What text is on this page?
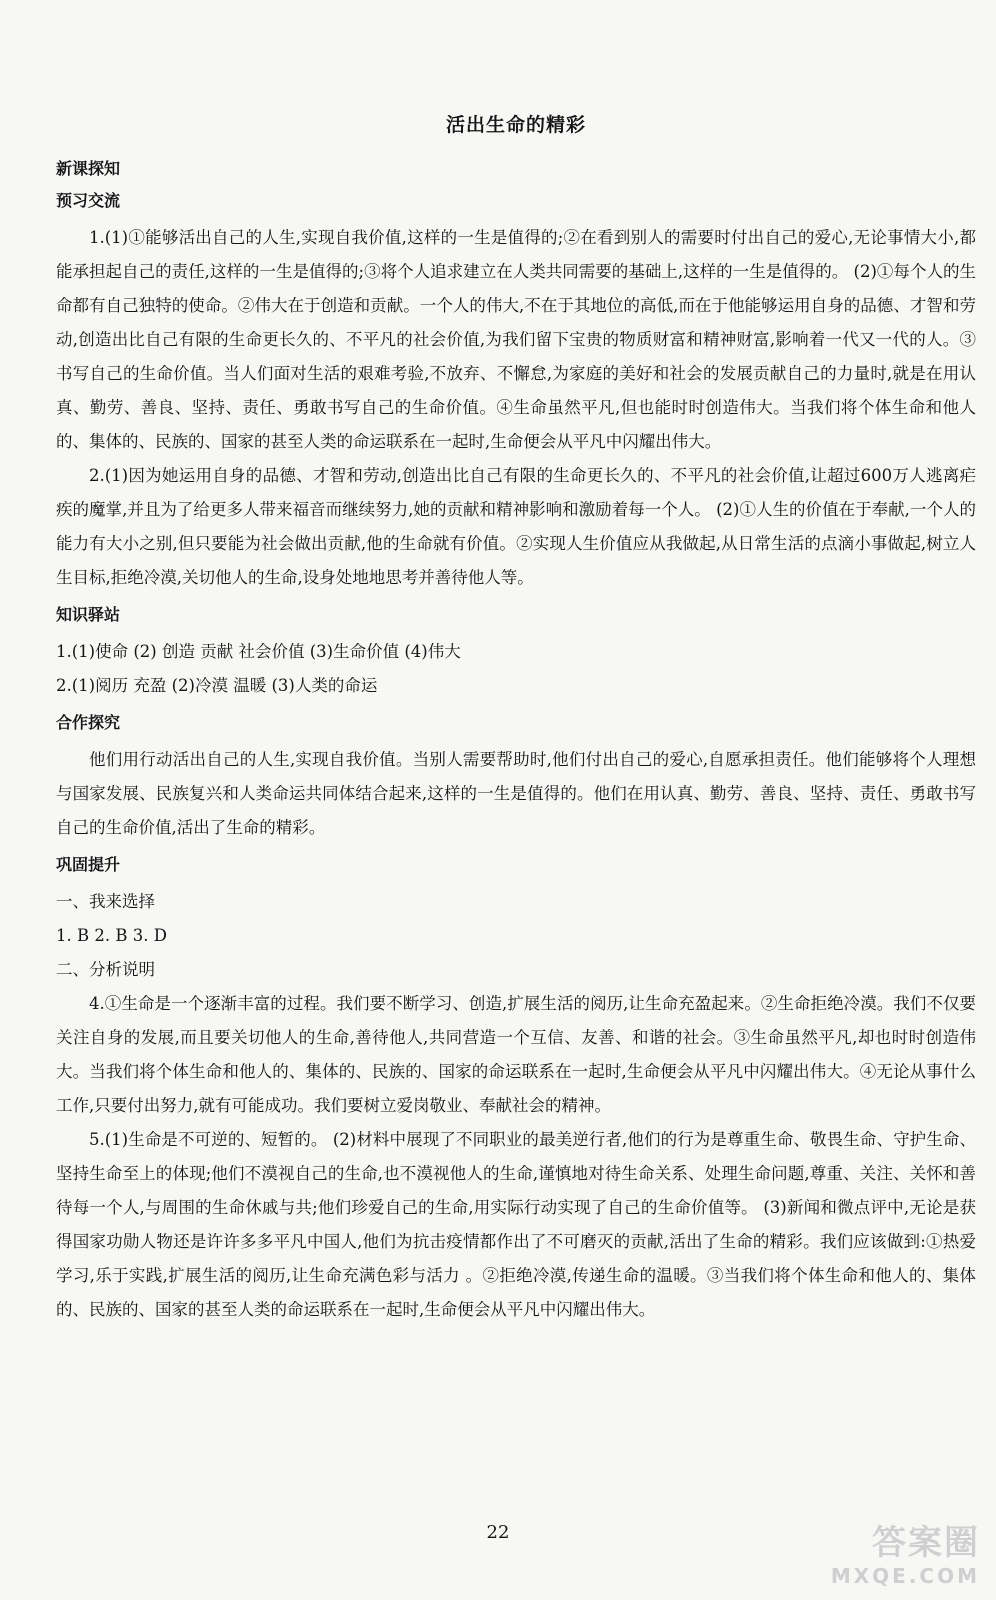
活出生命的精彩
新课探知
预习交流

1.(1)①能够活出自己的人生,实现自我价值,这样的一生是值得的;②在看到别人的需要时付出自己的爱心,无论事情大小,都能承担起自己的责任,这样的一生是值得的;③将个人追求建立在人类共同需要的基础上,这样的一生是值得的。 (2)①每个人的生命都有自己独特的使命。②伟大在于创造和贡献。一个人的伟大,不在于其地位的高低,而在于他能够运用自身的品德、才智和劳动,创造出比自己有限的生命更长久的、不平凡的社会价值,为我们留下宝贵的物质财富和精神财富,影响着一代又一代的人。③书写自己的生命价值。当人们面对生活的艰难考验,不放弃、不懈怠,为家庭的美好和社会的发展贡献自己的力量时,就是在用认真、勤劳、善良、坚持、责任、勇敢书写自己的生命价值。④生命虽然平凡,但也能时时创造伟大。当我们将个体生命和他人的、集体的、民族的、国家的甚至人类的命运联系在一起时,生命便会从平凡中闪耀出伟大。

2.(1)因为她运用自身的品德、才智和劳动,创造出比自己有限的生命更长久的、不平凡的社会价值,让超过600万人逃离疟疾的魔掌,并且为了给更多人带来福音而继续努力,她的贡献和精神影响和激励着每一个人。 (2)①人生的价值在于奉献,一个人的能力有大小之别,但只要能为社会做出贡献,他的生命就有价值。②实现人生价值应从我做起,从日常生活的点滴小事做起,树立人生目标,拒绝冷漠,关切他人的生命,设身处地地思考并善待他人等。

知识驿站

1.(1)使命 (2) 创造 贡献 社会价值 (3)生命价值 (4)伟大

2.(1)阅历 充盈 (2)冷漠 温暖 (3)人类的命运

合作探究

他们用行动活出自己的人生,实现自我价值。当别人需要帮助时,他们付出自己的爱心,自愿承担责任。他们能够将个人理想与国家发展、民族复兴和人类命运共同体结合起来,这样的一生是值得的。他们在用认真、勤劳、善良、坚持、责任、勇敢书写自己的生命价值,活出了生命的精彩。

巩固提升

一、我来选择

1. B 2. B 3. D

二、分析说明

4.①生命是一个逐渐丰富的过程。我们要不断学习、创造,扩展生活的阅历,让生命充盈起来。②生命拒绝冷漠。我们不仅要关注自身的发展,而且要关切他人的生命,善待他人,共同营造一个互信、友善、和谐的社会。③生命虽然平凡,却也时时创造伟大。当我们将个体生命和他人的、集体的、民族的、国家的命运联系在一起时,生命便会从平凡中闪耀出伟大。④无论从事什么工作,只要付出努力,就有可能成功。我们要树立爱岗敬业、奉献社会的精神。

5.(1)生命是不可逆的、短暂的。 (2)材料中展现了不同职业的最美逆行者,他们的行为是尊重生命、敬畏生命、守护生命、坚持生命至上的体现;他们不漠视自己的生命,也不漠视他人的生命,谨慎地对待生命关系、处理生命问题,尊重、关注、关怀和善待每一个人,与周围的生命休戚与共;他们珍爱自己的生命,用实际行动实现了自己的生命价值等。 (3)新闻和微点评中,无论是获得国家功勋人物还是许许多多平凡中国人,他们为抗击疫情都作出了不可磨灭的贡献,活出了生命的精彩。我们应该做到:①热爱学习,乐于实践,扩展生活的阅历,让生命充满色彩与活力 。②拒绝冷漠,传递生命的温暖。③当我们将个体生命和他人的、集体的、民族的、国家的甚至人类的命运联系在一起时,生命便会从平凡中闪耀出伟大。

22	答案圈
MXQE.COM
